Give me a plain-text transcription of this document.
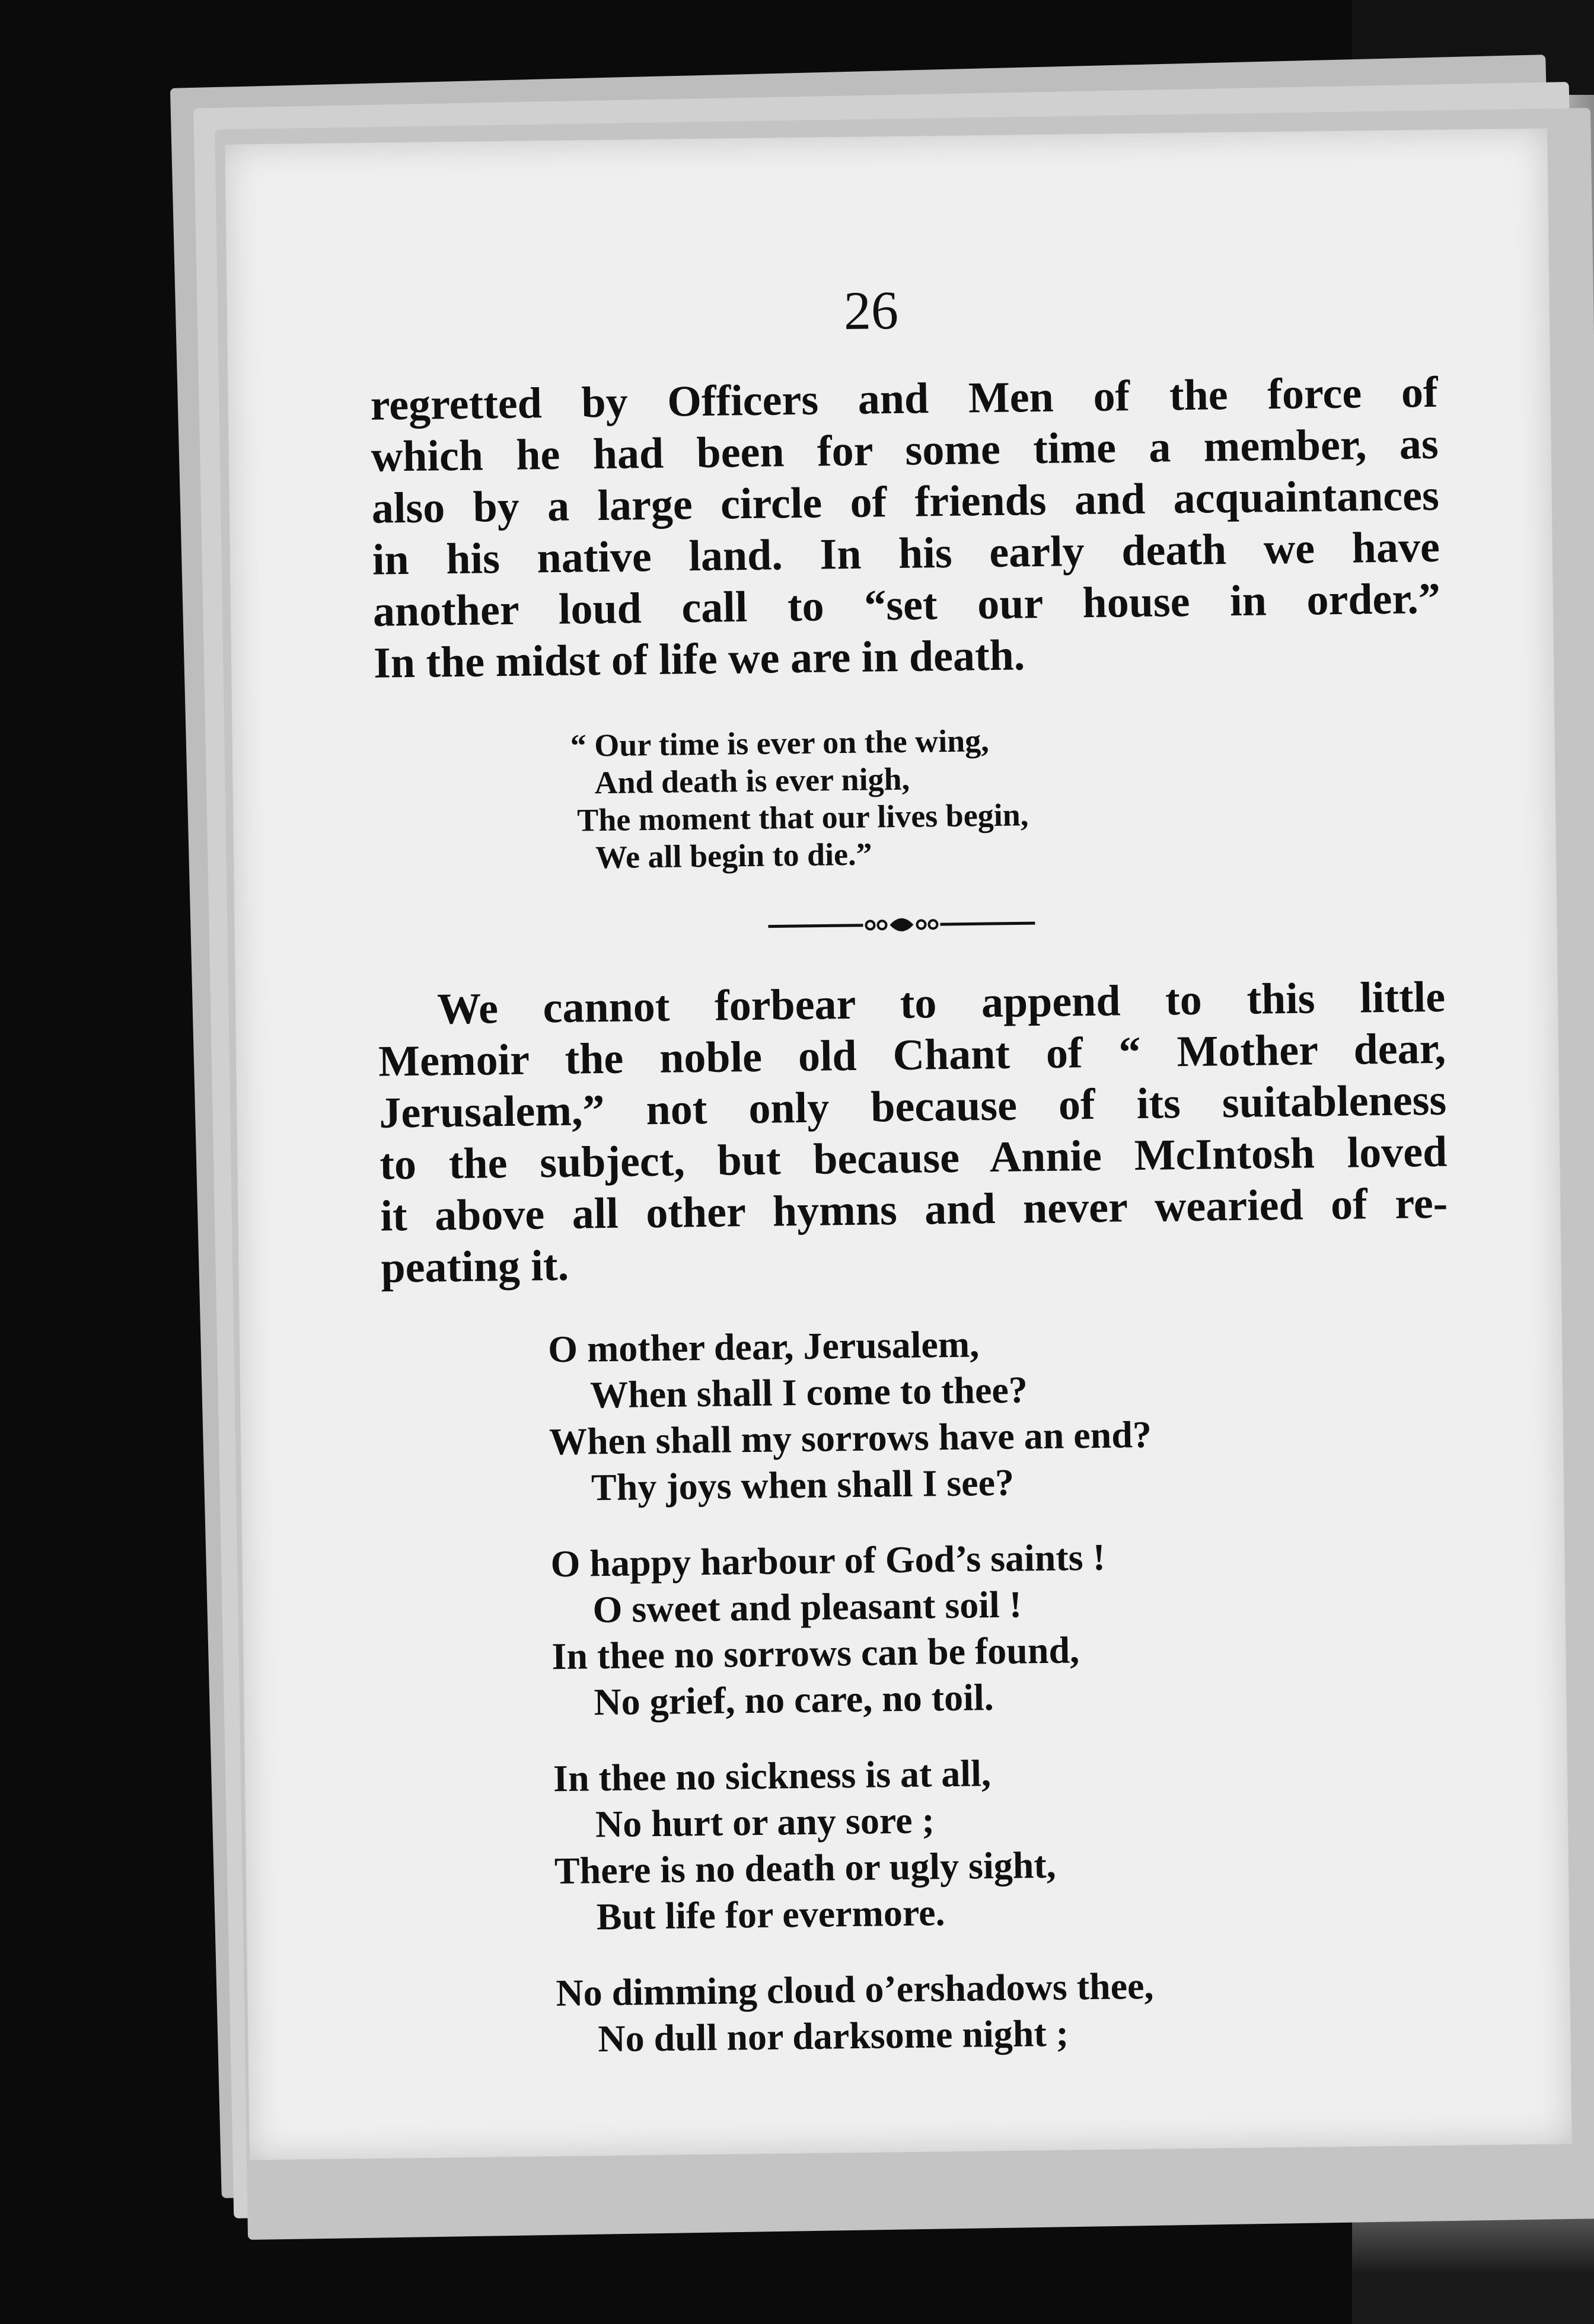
26
regretted by Officers and Men of the force of
which he had been for some time a member, as
also by a large circle of friends and acquaintances
in his native land. In his early death we have
another loud call to “set our house in order.”
In the midst of life we are in death.
“ Our time is ever on the wing,
And death is ever nigh,
The moment that our lives begin,
We all begin to die.”
We cannot forbear to append to this little
Memoir the noble old Chant of “ Mother dear,
Jerusalem,” not only because of its suitableness
to the subject, but because Annie McIntosh loved
it above all other hymns and never wearied of re-
peating it.
O mother dear, Jerusalem,
When shall I come to thee?
When shall my sorrows have an end?
Thy joys when shall I see?
O happy harbour of God’s saints !
O sweet and pleasant soil !
In thee no sorrows can be found,
No grief, no care, no toil.
In thee no sickness is at all,
No hurt or any sore ;
There is no death or ugly sight,
But life for evermore.
No dimming cloud o’ershadows thee,
No dull nor darksome night ;
